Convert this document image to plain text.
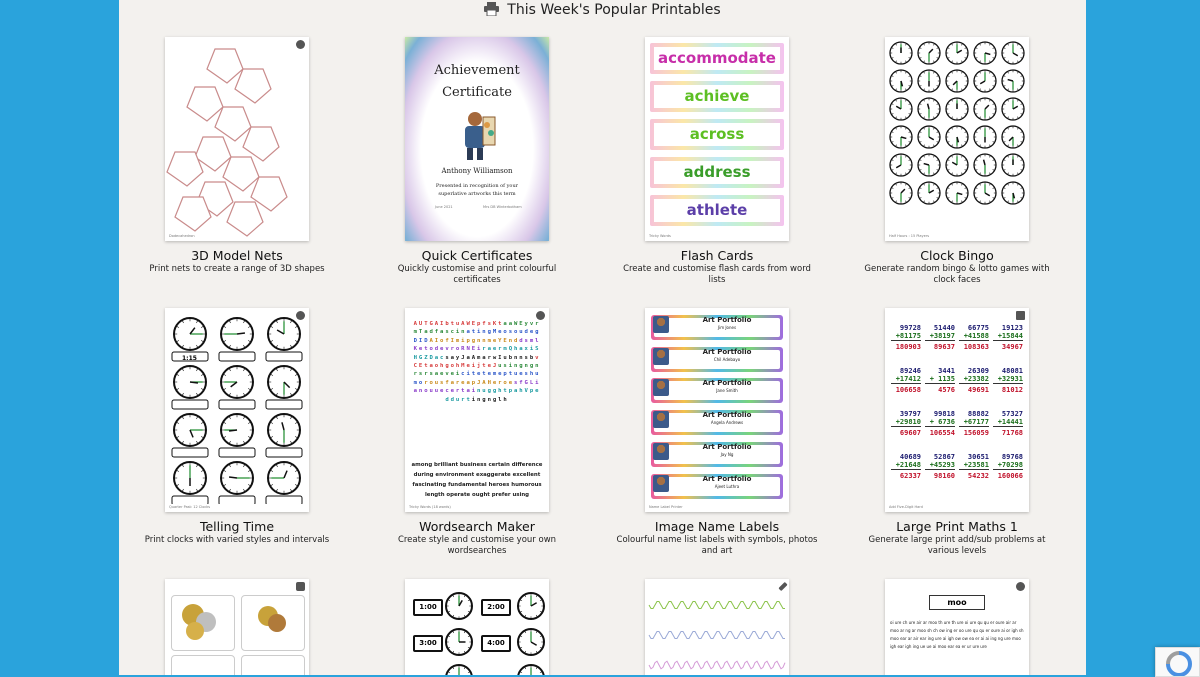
This Week's Popular Printables
Dodecahedron
3D Model Nets
Print nets to create a range of 3D shapes
Achievement
Certificate
Anthony Williamson
Presented in recognition of your
superlative artworks this term
June 2021	Mrs DB Winterbotham
Quick Certificates
Quickly customise and print colourful certificates
accommodate
achieve
across
address
athlete
Tricky Words
Flash Cards
Create and customise flash cards from word lists
Half Hours : 15 Players
Clock Bingo
Generate random bingo & lotto games with clock faces
1:15
Quarter Past: 12 Clocks
Telling Time
Print clocks with varied styles and intervals
AUTGAIbtuAWEpfsKtaaWEyvrmTadfascinatingMeosoudegDIDAIofImipgnnmeYEnddsmlKetodevroRNEiraermQhaxiSHGZDacsayJaAmarwIubnnsbvCEtaohgohMeijteJusingngnrsrsaeveicitetemeptueshumorousfareapJAHeroesfGLianouuecertainugghtpahVpeddurtingnglh
among brilliant business certain difference during environment exaggerate excellent fascinating fundamental heroes humorous length operate ought prefer using
Tricky Words (18 words)
Wordsearch Maker
Create style and customise your own wordsearches
Art Portfolio
Jim Jones
Art Portfolio
Chil Adebayo
Art Portfolio
Jane Smith
Art Portfolio
Angela Andrews
Art Portfolio
Jay Ng
Art Portfolio
Ajeet Luthra
Name Label Printer
Image Name Labels
Colourful name list labels with symbols, photos and art
Add Five-Digit Hard
99728
+81175
180903
51440
+38197
89637
66775
+41588
108363
19123
+15844
34967
89246
+17412
106658
3441
+ 1135
4576
26309
+23382
49691
48081
+32931
81012
39797
+29810
69607
99818
+ 6736
106554
88882
+67177
156059
57327
+14441
71768
40689
+21648
62337
52867
+45293
98160
30651
+23581
54232
89768
+70298
160066
Large Print Maths 1
Generate large print add/sub problems at various levels
1:00	2:00
3:00	4:00
moo
oi ure ch ure air ar moo th ure th ure oi ure qu qu er oure air ar moo ar ng ar moo sh ch ow ing er oo ure qu qu er oure ai or igh sh moo ear ar air ear ing ure ai igh ow ow ea er ai ai ing ng ure moo igh ear igh ing ue ue ai moo ear ea er ur ure ure
